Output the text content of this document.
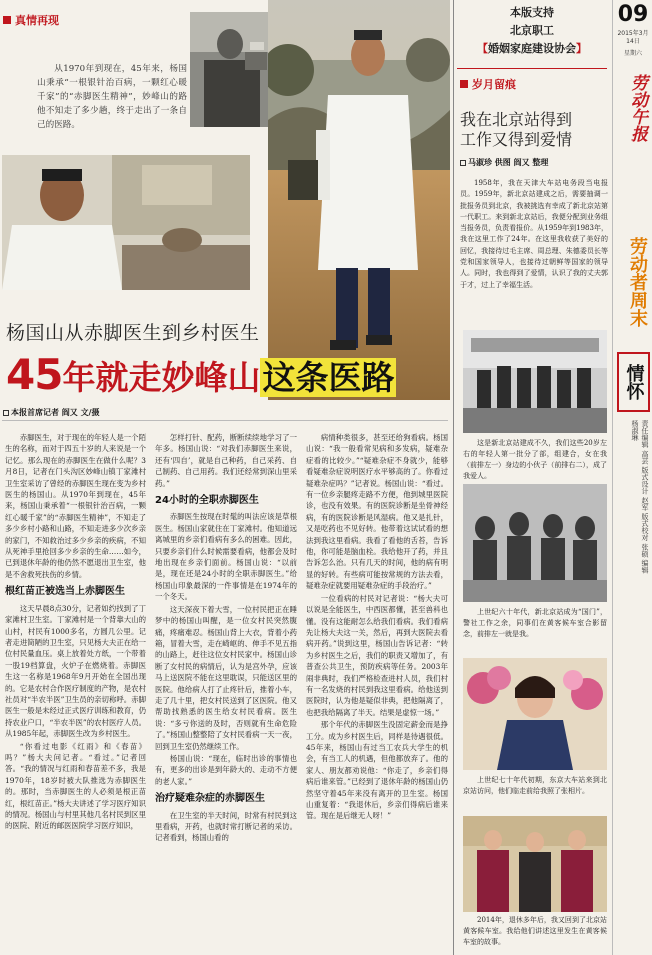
真情再现
从1970年到现在，45年来，杨国山秉承“一根银针治百病，一颗红心暖千家”的“赤脚医生精神”，妙峰山的路他不知走了多少趟，终于走出了一条自己的医路。
杨国山从赤脚医生到乡村医生
45年就走妙峰山这条医路
本报首席记者 阎又 文/摄

赤脚医生，对于现在的年轻人是一个陌生的名称，而对于四五十岁的人来说是一个记忆。那么现在的赤脚医生在做什么呢？3月8日，记者在门头沟区妙峰山镇丁家滩村卫生室采访了曾经的赤脚医生现在变为乡村医生的杨国山。从1970年到现在，45年来，杨国山秉承着“一根银针治百病，一颗红心暖千家”的“赤脚医生精神”，不知走了多少乡村小路和山路，不知走进多少次乡亲的家门，不知救治过多少乡亲的疾病，不知从死神手里抢回多少乡亲的生命……如今，已到退休年龄的他仍然不愿退出卫生室，他是不舍救死扶伤的乡情。

根红苗正被选当上赤脚医生

这天早晨8点30分，记者如约找到了丁家滩村卫生室。丁家滩村是一个背靠大山的山村，村民有1000多名，方圆几公里。记者走进简陋的卫生室，只见杨大夫正在给一位村民量血压。桌上放着处方纸，一个带着一股19档算盘，火炉子在燃烧着。赤脚医生这一名称是1968年9月开始在全国出现的。它是农村合作医疗制度的产物，是农村社员对“半农半医”卫生员的亲切称呼。赤脚医生一般是未经过正式医疗训练和教育，仍持农业户口，“半农半医”的农村医疗人员。从1985年起，赤脚医生改为乡村医生。

“你看过电影《红雨》和《春苗》吗？”杨大夫问记者。“看过。”记者回答。“我的情况与红雨和春苗差不多，我是1970年，18岁时被大队推选为赤脚医生的。那时，当赤脚医生的人必须是根正苗红，根红苗正。”杨大夫讲述了学习医疗知识的情况。杨国山与村里其他几名村民到区里的医院、附近的邮医医院学习医疗知识，

怎样打针、配药，断断续续地学习了一年多。杨国山说：“对我们赤脚医生来说，还有‘四自’，就是自己种药，自己采药、自己制药、自己用药。我们还经常到深山里采药。”

24小时的全职赤脚医生

赤脚医生按现在时髦的叫法应该是草根医生。杨国山家就住在丁家滩村。他知道远离城里的乡亲们看病有多么的困难。因此，只要乡亲们什么时候需要看病，他都会及时地出现在乡亲们面前。杨国山说：“以前是，现在还是24小时的全职赤脚医生。”给杨国山印象最深的一件事情是在1974年的一个冬天。

这天深夜下着大雪，一位村民把正在睡梦中的杨国山叫醒，是一位女村民突然腹痛，疼痛难忍。杨国山背上大衣，背着小药箱，冒着大雪，走在崎岖的、伸手不见五指的山路上，赶往这位女村民家中。杨国山诊断了女村民的病情后，认为是宫外孕，应该马上送医院不能在这里耽误，只能送区里的医院。他给病人打了止疼针后，推着小车，走了几十里，把女村民送到了区医院。他又帮助找熟悉的医生给女村民看病。医生说：“多亏你送的及时，否则就有生命危险了。”杨国山整整陪了女村民看病一天一夜，回到卫生室仍然继续工作。

杨国山说：“现在，临时出诊的事情也有，更多的出诊是到年龄大的、走动不方便的老人家。”

治疗疑难杂症的赤脚医生

在卫生室的半天时间，时常有村民到这里看病，开药，也就时常打断记者的采访。记者看到，杨国山看的

病情种类很多，甚至还给狗看病。杨国山说：“我一般看常见病和多发病，疑难杂症看的比较少。”“疑难杂症不身就少，能够看疑难杂症说明医疗水平够高的了。你看过疑难杂症吗？”记者说。杨国山说：“看过。有一位乡亲腿疼走路不方便，他到城里医院诊，也没有效果。有的医院诊断是坐骨神经病，有的医院诊断是风湿病。他又是扎针，又是吃药也不见好转。他带着这试试看的想法到我这里看病。我看了看他的舌苔，告诉他，你可能是脑血栓。我给他开了药，并且告诉怎么治。只有几天的时间，他的病有明显的好转。有些病可能按常规的方法去看，疑难杂症就要用疑难杂症的手段治疗。”

一位看病的村民对记者说：“杨大夫可以说是全能医生，中西医都懂，甚至兽科也懂。没有这能耐怎么给我们看病。我们看病先让杨大夫这一关，然后，再到大医院去看病开药。”说到这里，杨国山告诉记者：“转为乡村医生之后，我们的职责又增加了，有普查公共卫生，预防疾病等任务。2003年闹非典时，我们严格检查进村人员，我们村有一名发烧的村民到我这里看病。给他送到医院时，认为他是疑似非典，把他隔离了，也把我给隔离了半天。结果是虚惊一场。”

那个年代的赤脚医生没固定薪金而是挣工分。成为乡村医生后，同样是待遇很低。45年来，杨国山有过当工农兵大学生的机会，有当工人的机遇，但他都放弃了。他的家人、朋友都劝说他：“你走了，乡亲们得病后谁来管。”已经到了退休年龄的杨国山仍然坚守着45年来没有离开的卫生室。杨国山重复着：“我退休后，乡亲们得病后谁来管。现在是后继无人呀！”

本版支持
北京职工
【婚姻家庭建设协会】
岁月留痕
我在北京站得到
工作又得到爱情
马淑珍 供图 阎又 整理
1958年，我在天津大车站电务段当电报员。1959年，新北京站建成之后，需要抽调一批报务员到北京，我被挑选有幸成了新北京站第一代职工。来到新北京站后，我便分配到业务组当报务员，负责看报价。从1959年到1983年，我在这里工作了24年。在这里我收获了美好的回忆，我接待过毛主席、周总理、朱德委员长等党和国家领导人，也接待过朝鲜等国家的领导人。同时，我也得到了爱情，认识了我的丈夫郭于才，过上了幸福生活。
这是新北京站建成不久，我们这些20岁左右的年轻人第一批分了部，组建合，女在我（前排左一）身边的小伙子（前排右二），成了我爱人。
上世纪六十年代，新北京站成为“国门”，警社工作之余，同事们在黄客候车室合影留念，前排左一就是我。
上世纪七十年代初期，东京大车站来到北京站访问，他们临走前给我照了张相片。
2014年，退休多年后，我又回到了北京站黄客候车室。我给他们讲述这里发生在黄客候车室的故事。
09
2015年3月14日
星期六
劳动午报
劳动者周末
情怀
责任编辑 高芸 版式设计 赵军 版式校对 张硕 编辑 杨淑琳
